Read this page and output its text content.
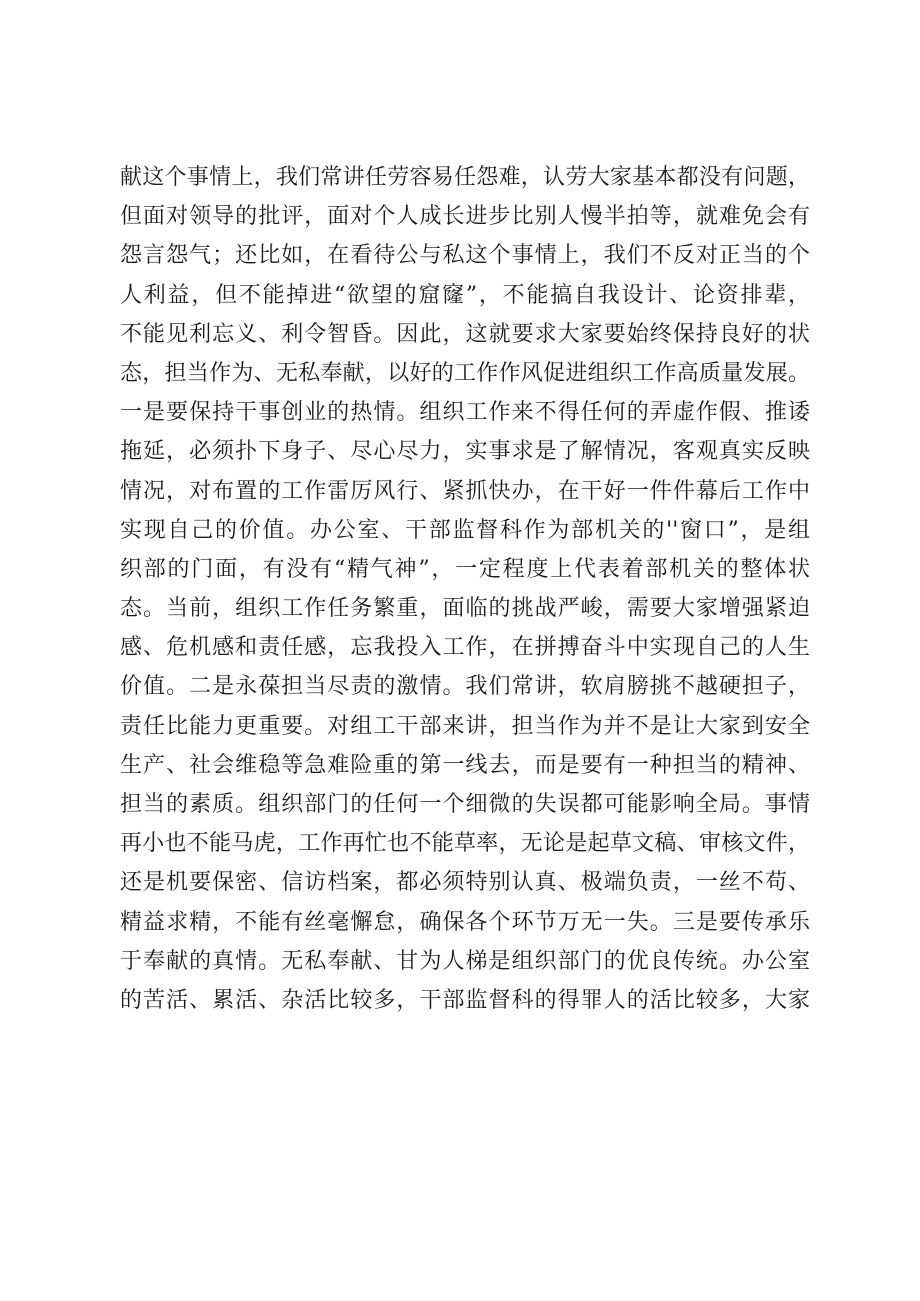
献这个事情上，我们常讲任劳容易任怨难，认劳大家基本都没有问题，
但面对领导的批评，面对个人成长进步比别人慢半拍等，就难免会有
怨言怨气；还比如，在看待公与私这个事情上，我们不反对正当的个
人利益，但不能掉进“欲望的窟窿”，不能搞自我设计、论资排辈，
不能见利忘义、利令智昏。因此，这就要求大家要始终保持良好的状
态，担当作为、无私奉献，以好的工作作风促进组织工作高质量发展。
一是要保持干事创业的热情。组织工作来不得任何的弄虚作假、推诿
拖延，必须扑下身子、尽心尽力，实事求是了解情况，客观真实反映
情况，对布置的工作雷厉风行、紧抓快办，在干好一件件幕后工作中
实现自己的价值。办公室、干部监督科作为部机关的''窗口”，是组
织部的门面，有没有“精气神”，一定程度上代表着部机关的整体状
态。当前，组织工作任务繁重，面临的挑战严峻，需要大家增强紧迫
感、危机感和责任感，忘我投入工作，在拼搏奋斗中实现自己的人生
价值。二是永葆担当尽责的激情。我们常讲，软肩膀挑不越硬担子，
责任比能力更重要。对组工干部来讲，担当作为并不是让大家到安全
生产、社会维稳等急难险重的第一线去，而是要有一种担当的精神、
担当的素质。组织部门的任何一个细微的失误都可能影响全局。事情
再小也不能马虎，工作再忙也不能草率，无论是起草文稿、审核文件，
还是机要保密、信访档案，都必须特别认真、极端负责，一丝不苟、
精益求精，不能有丝毫懈怠，确保各个环节万无一失。三是要传承乐
于奉献的真情。无私奉献、甘为人梯是组织部门的优良传统。办公室
的苦活、累活、杂活比较多，干部监督科的得罪人的活比较多，大家
